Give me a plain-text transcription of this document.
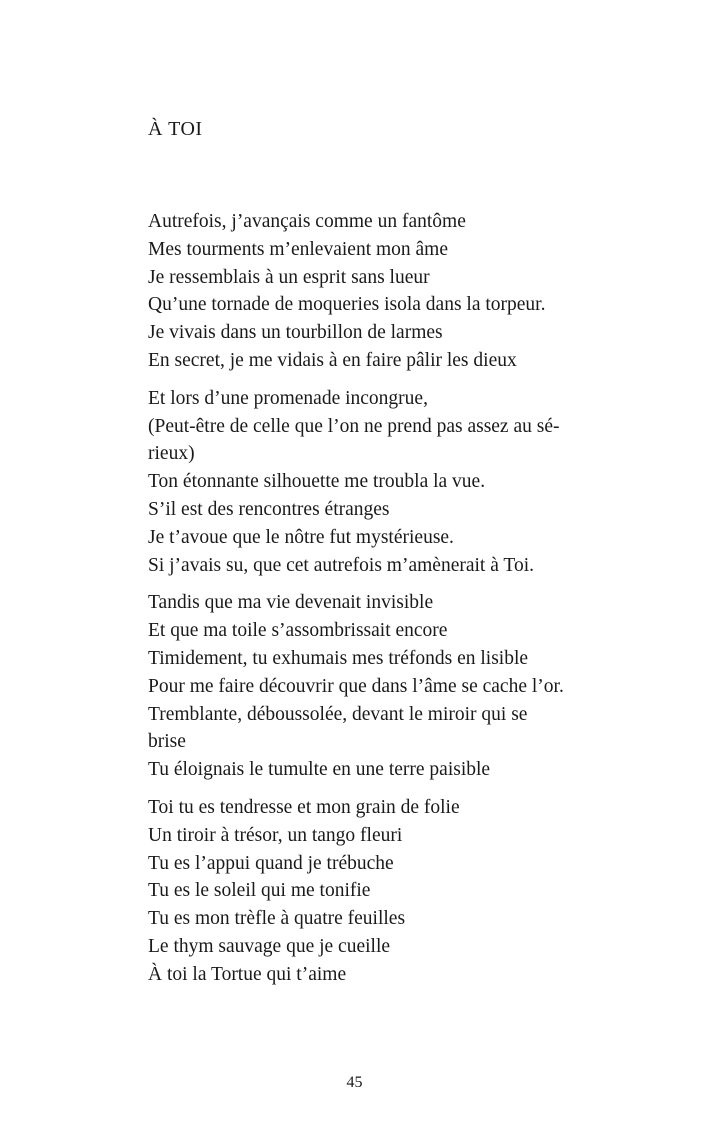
À TOI

Autrefois, j’avançais comme un fantôme
Mes tourments m’enlevaient mon âme
Je ressemblais à un esprit sans lueur
Qu’une tornade de moqueries isola dans la torpeur.
Je vivais dans un tourbillon de larmes
En secret, je me vidais à en faire pâlir les dieux

Et lors d’une promenade incongrue,
(Peut-être de celle que l’on ne prend pas assez au sé-
rieux)
Ton étonnante silhouette me troubla la vue.
S’il est des rencontres étranges
Je t’avoue que le nôtre fut mystérieuse.
Si j’avais su, que cet autrefois m’amènerait à Toi.

Tandis que ma vie devenait invisible
Et que ma toile s’assombrissait encore
Timidement, tu exhumais mes tréfonds en lisible
Pour me faire découvrir que dans l’âme se cache l’or.
Tremblante, déboussolée, devant le miroir qui se
brise
Tu éloignais le tumulte en une terre paisible

Toi tu es tendresse et mon grain de folie
Un tiroir à trésor, un tango fleuri
Tu es l’appui quand je trébuche
Tu es le soleil qui me tonifie
Tu es mon trèfle à quatre feuilles
Le thym sauvage que je cueille
À toi la Tortue qui t’aime

45
